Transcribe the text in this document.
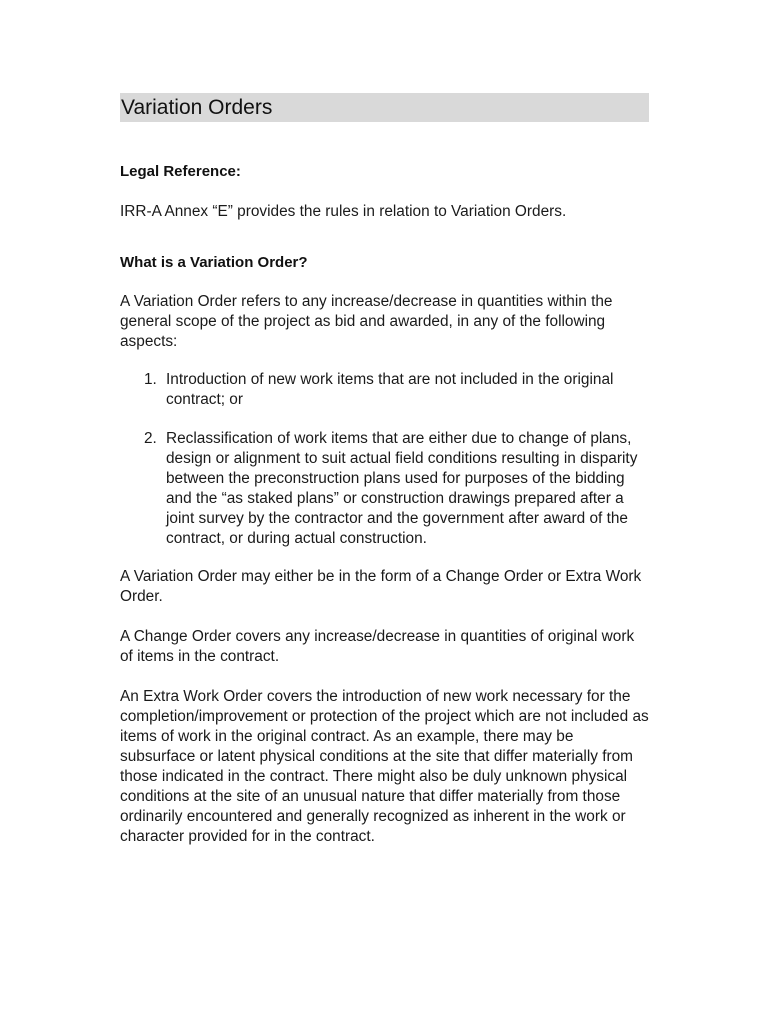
Variation Orders

Legal Reference:

IRR-A Annex “E” provides the rules in relation to Variation Orders.

What is a Variation Order?

A Variation Order refers to any increase/decrease in quantities within the general scope of the project as bid and awarded, in any of the following aspects:

1. Introduction of new work items that are not included in the original contract; or
2. Reclassification of work items that are either due to change of plans, design or alignment to suit actual field conditions resulting in disparity between the preconstruction plans used for purposes of the bidding and the “as staked plans” or construction drawings prepared after a joint survey by the contractor and the government after award of the contract, or during actual construction.

A Variation Order may either be in the form of a Change Order or Extra Work Order.

A Change Order covers any increase/decrease in quantities of original work of items in the contract.

An Extra Work Order covers the introduction of new work necessary for the completion/improvement or protection of the project which are not included as items of work in the original contract. As an example, there may be subsurface or latent physical conditions at the site that differ materially from those indicated in the contract. There might also be duly unknown physical conditions at the site of an unusual nature that differ materially from those ordinarily encountered and generally recognized as inherent in the work or character provided for in the contract.
